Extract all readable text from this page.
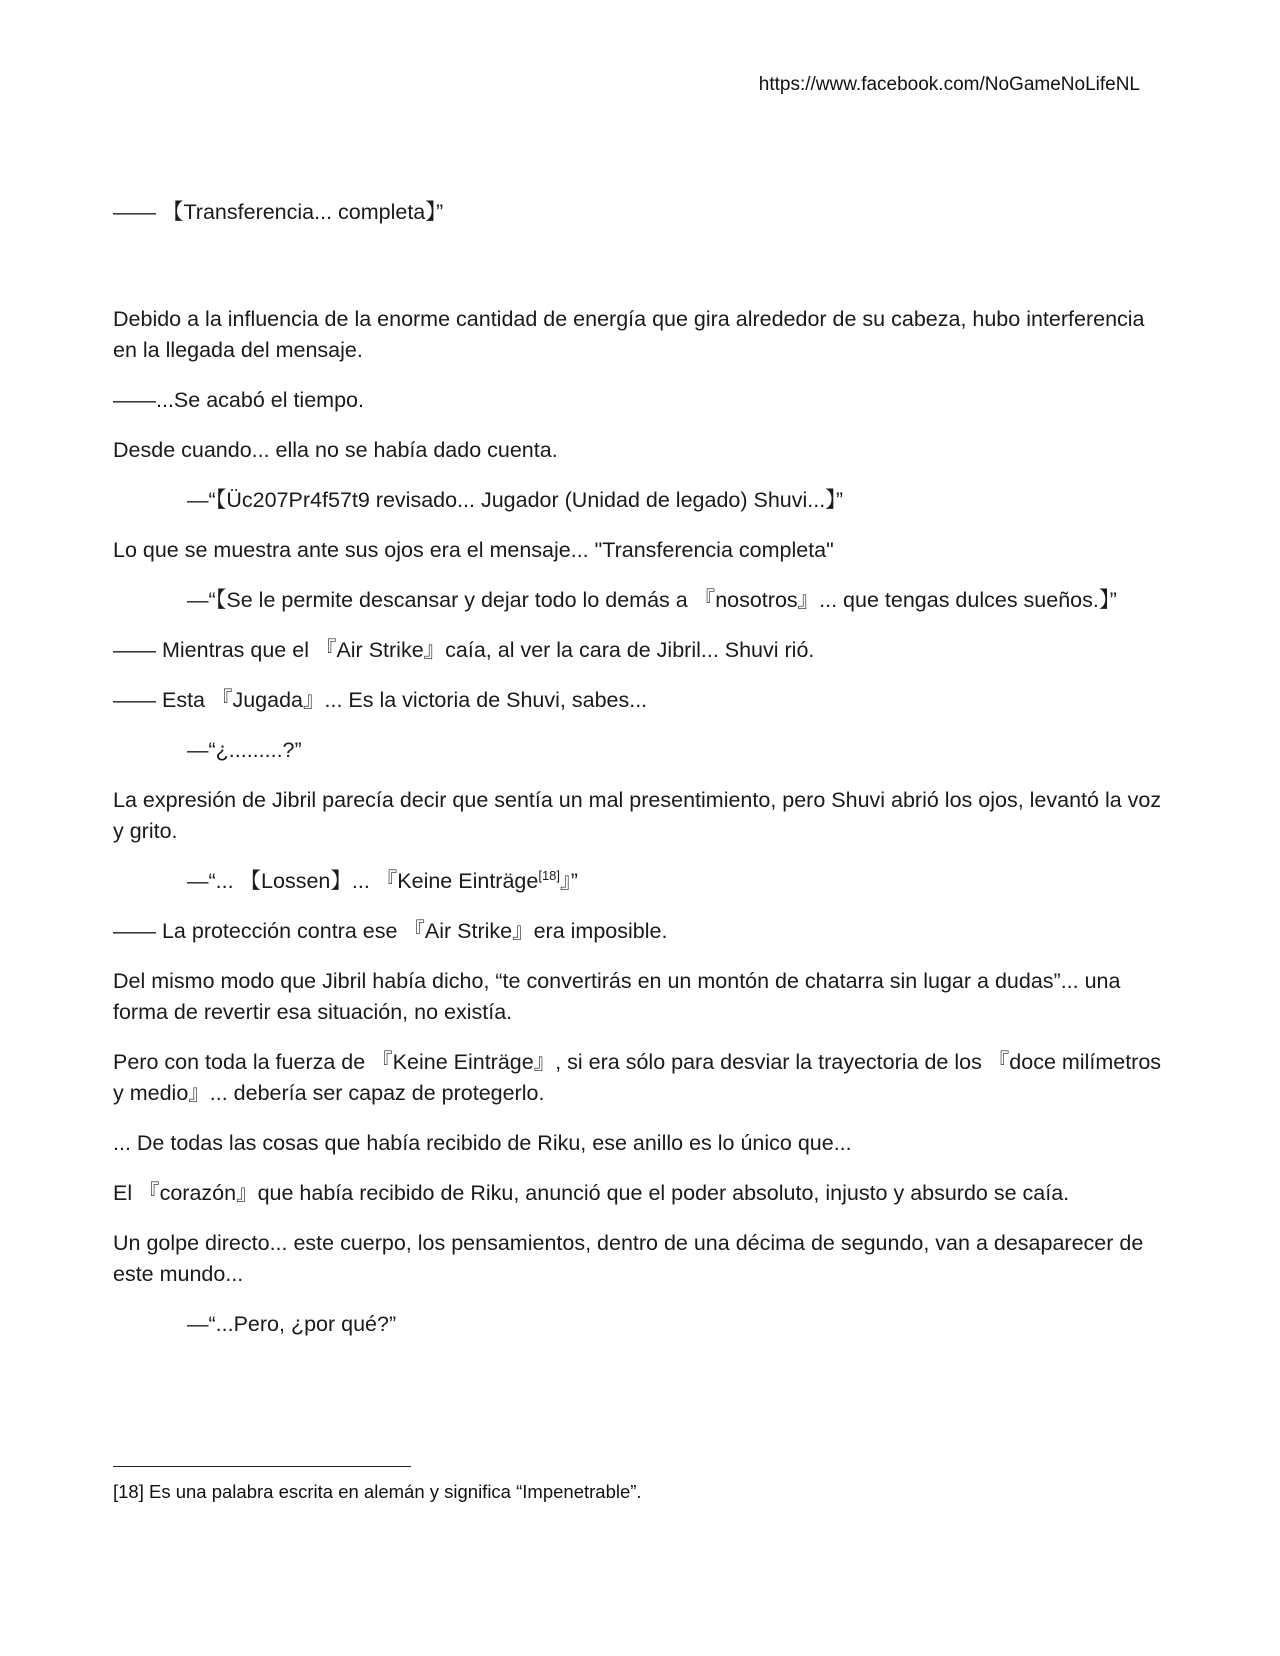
https://www.facebook.com/NoGameNoLifeNL

—— 【Transferencia... completa】”

Debido a la influencia de la enorme cantidad de energía que gira alrededor de su cabeza, hubo interferencia en la llegada del mensaje.

——...Se acabó el tiempo.

Desde cuando... ella no se había dado cuenta.

—“【Üc207Pr4f57t9 revisado... Jugador (Unidad de legado) Shuvi...】”

Lo que se muestra ante sus ojos era el mensaje... "Transferencia completa"

—“【Se le permite descansar y dejar todo lo demás a 『nosotros』... que tengas dulces sueños.】”

—— Mientras que el 『Air Strike』caía, al ver la cara de Jibril... Shuvi rió.

—— Esta 『Jugada』... Es la victoria de Shuvi, sabes...

—“¿.........?”

La expresión de Jibril parecía decir que sentía un mal presentimiento, pero Shuvi abrió los ojos, levantó la voz y grito.

—“... 【Lossen】... 『Keine Einträge[18]』”

—— La protección contra ese 『Air Strike』era imposible.

Del mismo modo que Jibril había dicho, “te convertirás en un montón de chatarra sin lugar a dudas”... una forma de revertir esa situación, no existía.

Pero con toda la fuerza de 『Keine Einträge』, si era sólo para desviar la trayectoria de los 『doce milímetros y medio』... debería ser capaz de protegerlo.

... De todas las cosas que había recibido de Riku, ese anillo es lo único que...

El 『corazón』que había recibido de Riku, anunció que el poder absoluto, injusto y absurdo se caía.

Un golpe directo... este cuerpo, los pensamientos, dentro de una décima de segundo, van a desaparecer de este mundo...

—“...Pero, ¿por qué?”

[18] Es una palabra escrita en alemán y significa “Impenetrable”.
